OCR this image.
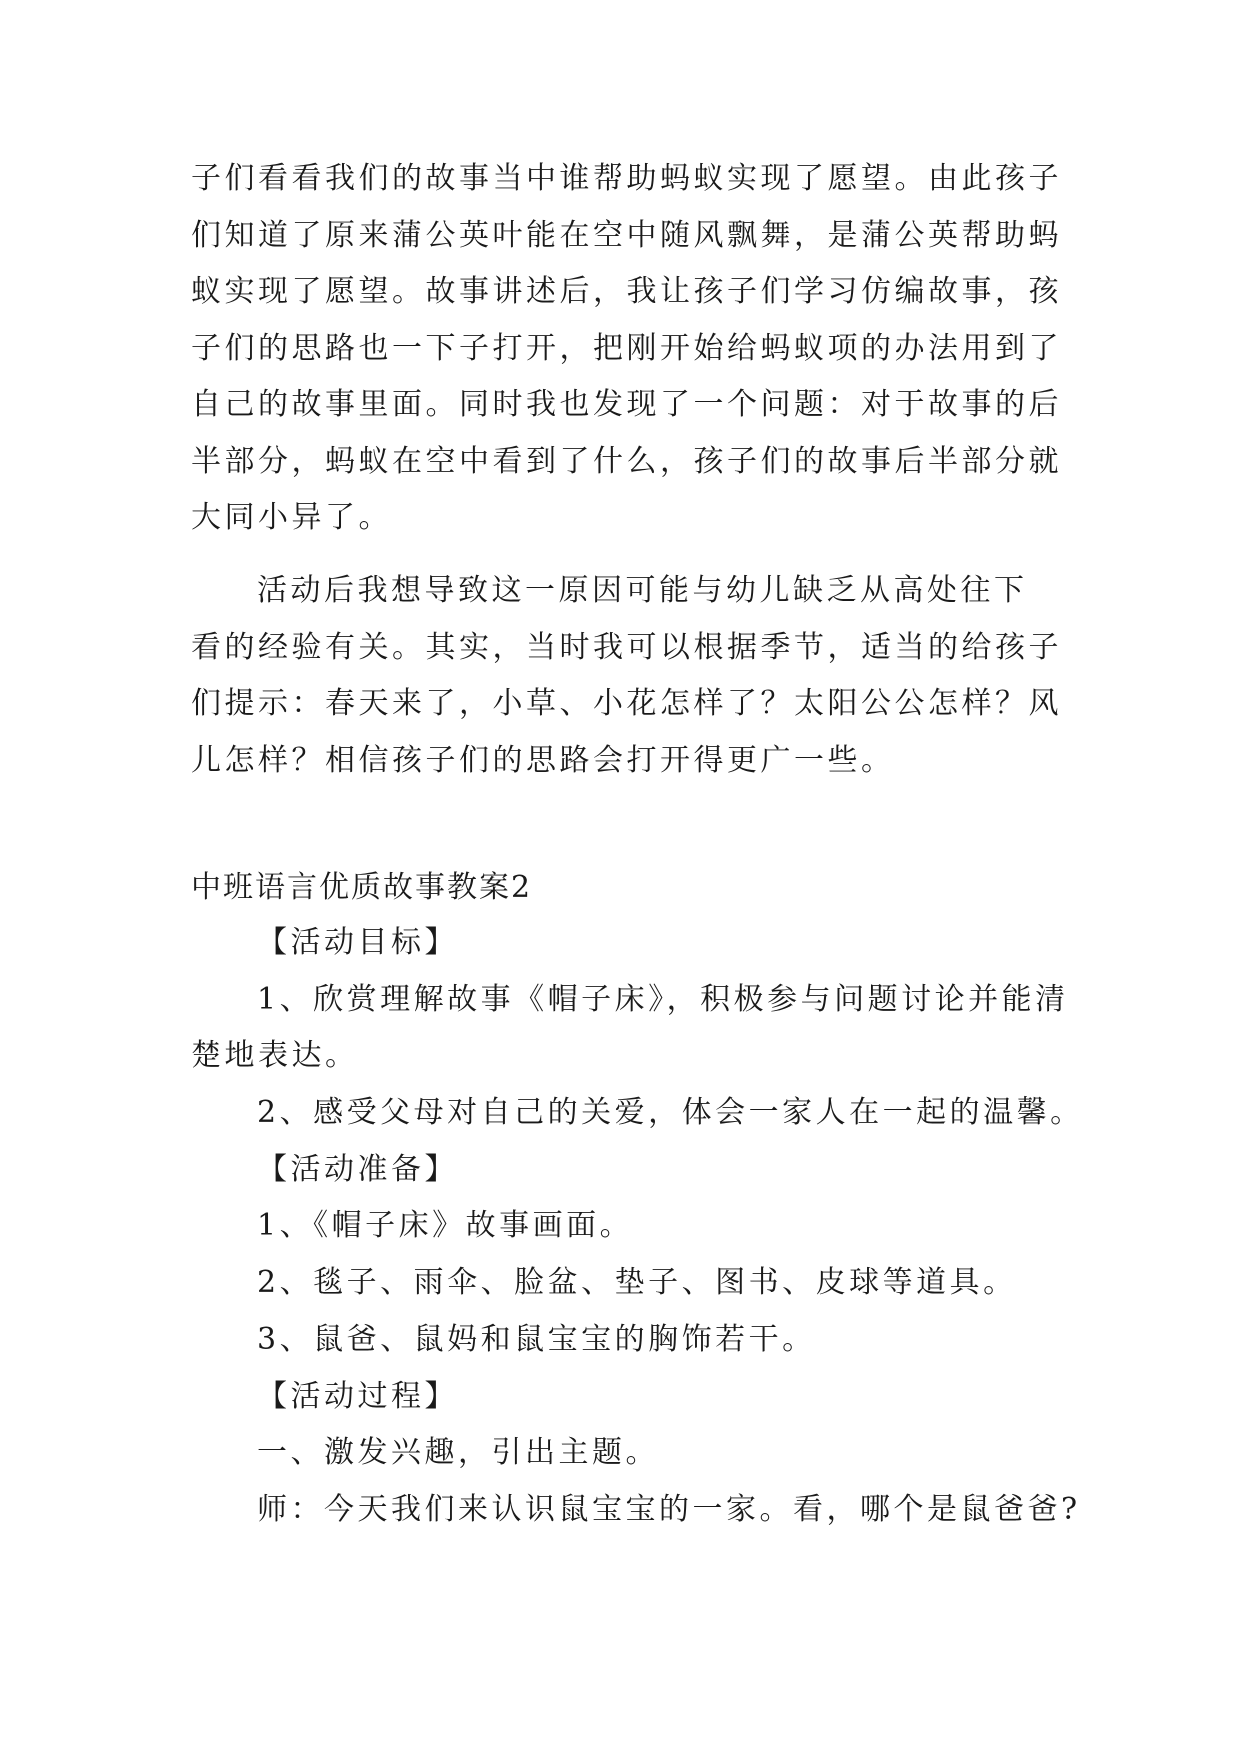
子们看看我们的故事当中谁帮助蚂蚁实现了愿望。由此孩子
们知道了原来蒲公英叶能在空中随风飘舞，是蒲公英帮助蚂
蚁实现了愿望。故事讲述后，我让孩子们学习仿编故事，孩
子们的思路也一下子打开，把刚开始给蚂蚁项的办法用到了
自己的故事里面。同时我也发现了一个问题：对于故事的后
半部分，蚂蚁在空中看到了什么，孩子们的故事后半部分就
大同小异了。
活动后我想导致这一原因可能与幼儿缺乏从高处往下
看的经验有关。其实，当时我可以根据季节，适当的给孩子
们提示：春天来了，小草、小花怎样了？太阳公公怎样？风
儿怎样？相信孩子们的思路会打开得更广一些。
中班语言优质故事教案2
【活动目标】
1、欣赏理解故事《帽子床》，积极参与问题讨论并能清
楚地表达。
2、感受父母对自己的关爱，体会一家人在一起的温馨。
【活动准备】
1、《帽子床》故事画面。
2、毯子、雨伞、脸盆、垫子、图书、皮球等道具。
3、鼠爸、鼠妈和鼠宝宝的胸饰若干。
【活动过程】
一、激发兴趣，引出主题。
师：今天我们来认识鼠宝宝的一家。看，哪个是鼠爸爸?
